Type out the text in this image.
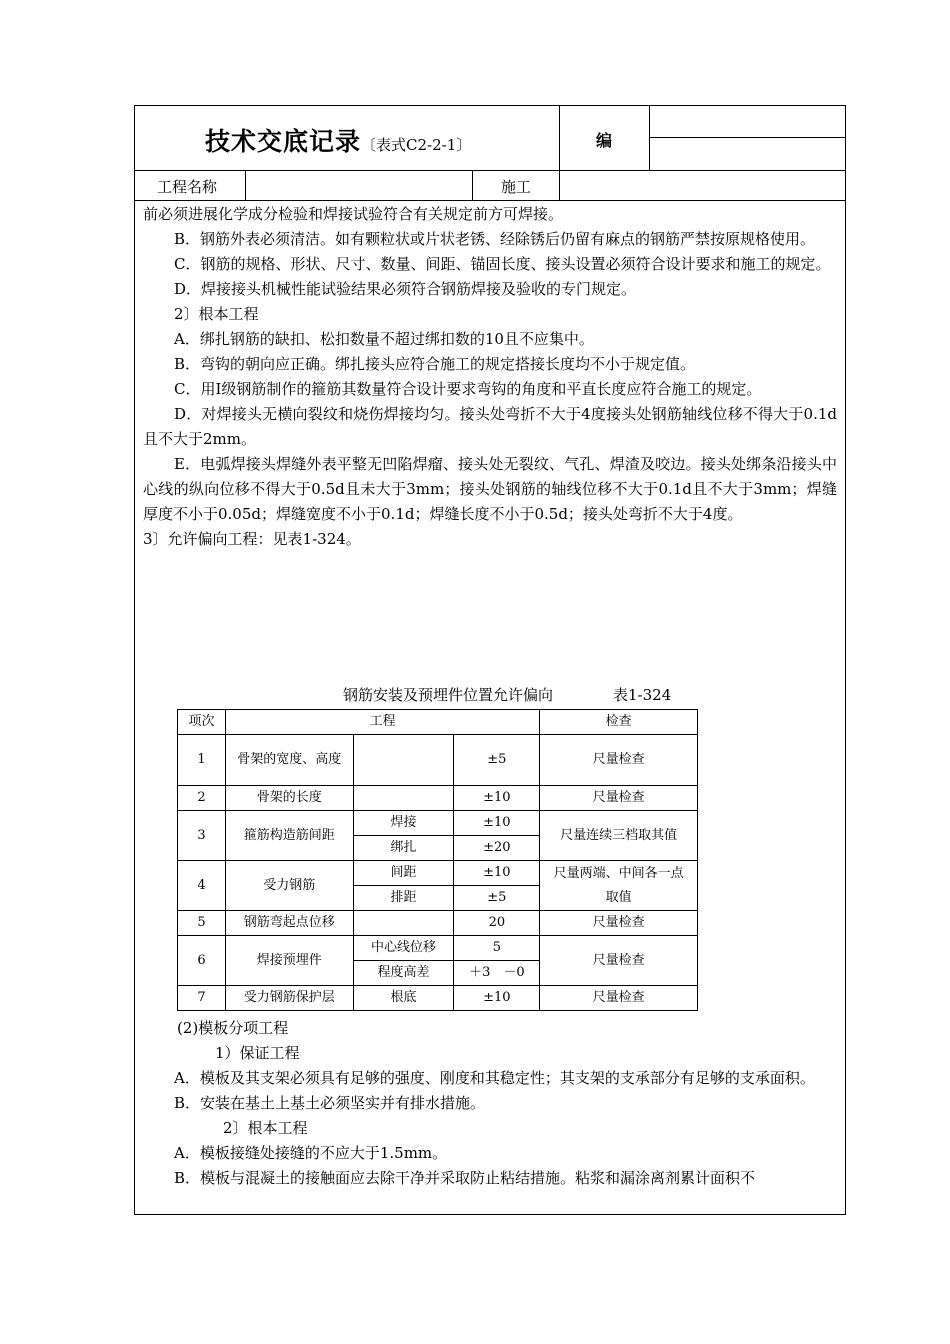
技术交底记录〔表式C2-2-1〕	编
工程名称	施工

前必须进展化学成分检验和焊接试验符合有关规定前方可焊接。

B．钢筋外表必须清洁。如有颗粒状或片状老锈、经除锈后仍留有麻点的钢筋严禁按原规格使用。

C．钢筋的规格、形状、尺寸、数量、间距、锚固长度、接头设置必须符合设计要求和施工的规定。

D．焊接接头机械性能试验结果必须符合钢筋焊接及验收的专门规定。

2〕根本工程

A．绑扎钢筋的缺扣、松扣数量不超过绑扣数的10且不应集中。

B．弯钩的朝向应正确。绑扎接头应符合施工的规定搭接长度均不小于规定值。

C．用I级钢筋制作的箍筋其数量符合设计要求弯钩的角度和平直长度应符合施工的规定。

D．对焊接头无横向裂纹和烧伤焊接均匀。接头处弯折不大于4度接头处钢筋轴线位移不得大于0.1d且不大于2mm。

E．电弧焊接头焊缝外表平整无凹陷焊瘤、接头处无裂纹、气孔、焊渣及咬边。接头处绑条沿接头中心线的纵向位移不得大于0.5d且未大于3mm；接头处钢筋的轴线位移不大于0.1d且不大于3mm；焊缝厚度不小于0.05d；焊缝宽度不小于0.1d；焊缝长度不小于0.5d；接头处弯折不大于4度。

3〕允许偏向工程：见表1-324。

钢筋安装及预埋件位置允许偏向	表1-324
项次	工程			检查
1	骨架的宽度、高度		±5	尺量检查
2	骨架的长度		±10	尺量检查
3	箍筋构造筋间距	焊接	±10	尺量连续三档取其值
		绑扎	±20	
4	受力钢筋	间距	±10	尺量两端、中间各一点取值
		排距	±5	
5	钢筋弯起点位移		20	尺量检查
6	焊接预埋件	中心线位移	5	尺量检查
		程度高差	＋3　－0	
7	受力钢筋保护层	根底	±10	尺量检查

(2)模板分项工程

1）保证工程

A．模板及其支架必须具有足够的强度、刚度和其稳定性；其支架的支承部分有足够的支承面积。

B．安装在基土上基土必须坚实并有排水措施。

2〕根本工程

A．模板接缝处接缝的不应大于1.5mm。

B．模板与混凝土的接触面应去除干净并采取防止粘结措施。粘浆和漏涂离剂累计面积不
